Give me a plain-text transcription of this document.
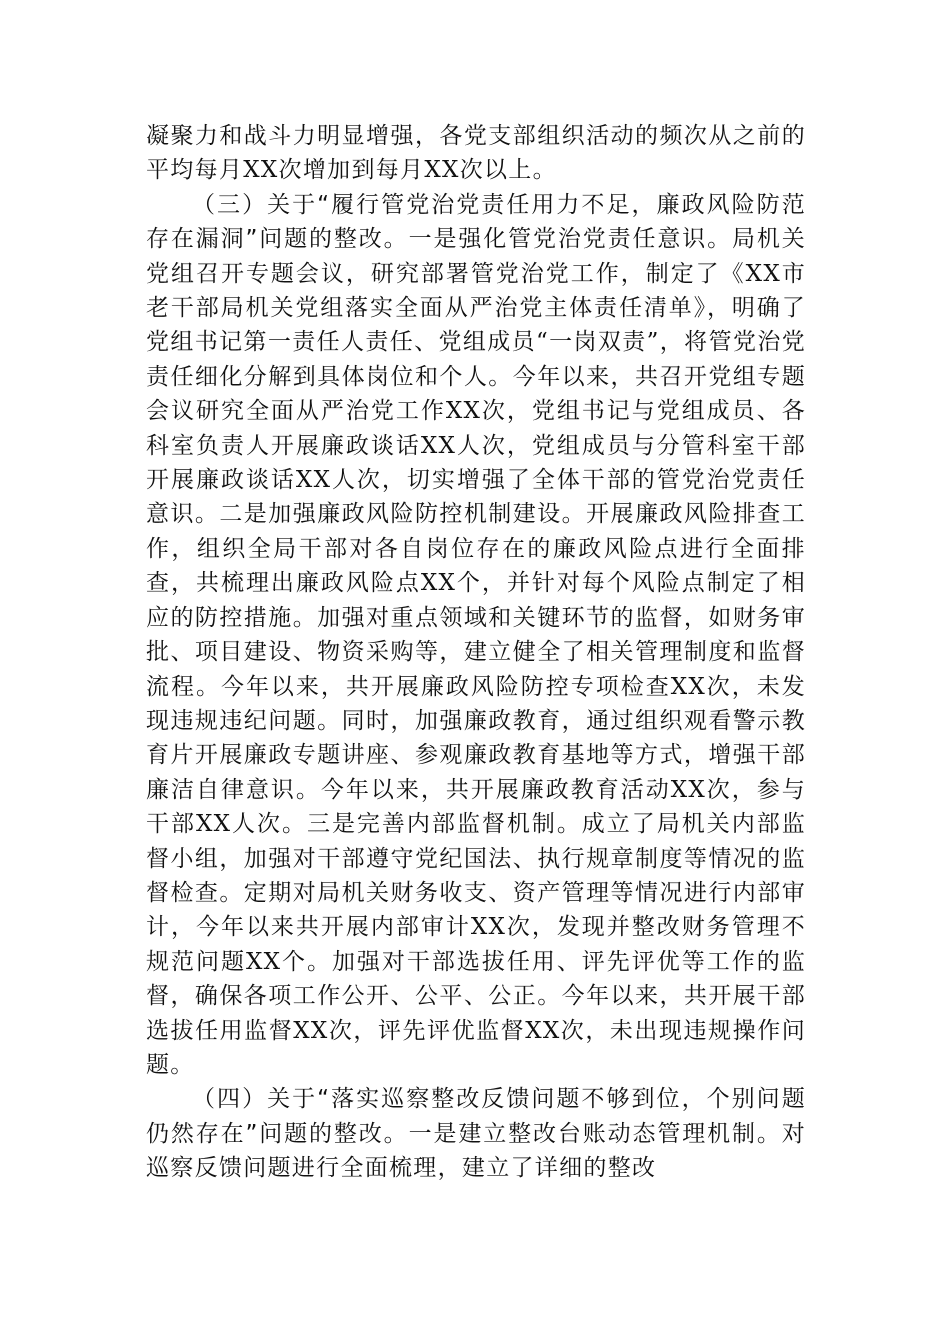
凝聚力和战斗力明显增强，各党支部组织活动的频次从之前的平均每月XX次增加到每月XX次以上。

（三）关于“履行管党治党责任用力不足，廉政风险防范存在漏洞”问题的整改。一是强化管党治党责任意识。局机关党组召开专题会议，研究部署管党治党工作，制定了《XX市老干部局机关党组落实全面从严治党主体责任清单》，明确了党组书记第一责任人责任、党组成员“一岗双责”，将管党治党责任细化分解到具体岗位和个人。今年以来，共召开党组专题会议研究全面从严治党工作XX次，党组书记与党组成员、各科室负责人开展廉政谈话XX人次，党组成员与分管科室干部开展廉政谈话XX人次，切实增强了全体干部的管党治党责任意识。二是加强廉政风险防控机制建设。开展廉政风险排查工作，组织全局干部对各自岗位存在的廉政风险点进行全面排查，共梳理出廉政风险点XX个，并针对每个风险点制定了相应的防控措施。加强对重点领域和关键环节的监督，如财务审批、项目建设、物资采购等，建立健全了相关管理制度和监督流程。今年以来，共开展廉政风险防控专项检查XX次，未发现违规违纪问题。同时，加强廉政教育，通过组织观看警示教育片开展廉政专题讲座、参观廉政教育基地等方式，增强干部廉洁自律意识。今年以来，共开展廉政教育活动XX次，参与干部XX人次。三是完善内部监督机制。成立了局机关内部监督小组，加强对干部遵守党纪国法、执行规章制度等情况的监督检查。定期对局机关财务收支、资产管理等情况进行内部审计，今年以来共开展内部审计XX次，发现并整改财务管理不规范问题XX个。加强对干部选拔任用、评先评优等工作的监督，确保各项工作公开、公平、公正。今年以来，共开展干部选拔任用监督XX次，评先评优监督XX次，未出现违规操作问题。

（四）关于“落实巡察整改反馈问题不够到位，个别问题仍然存在”问题的整改。一是建立整改台账动态管理机制。对巡察反馈问题进行全面梳理，建立了详细的整改
